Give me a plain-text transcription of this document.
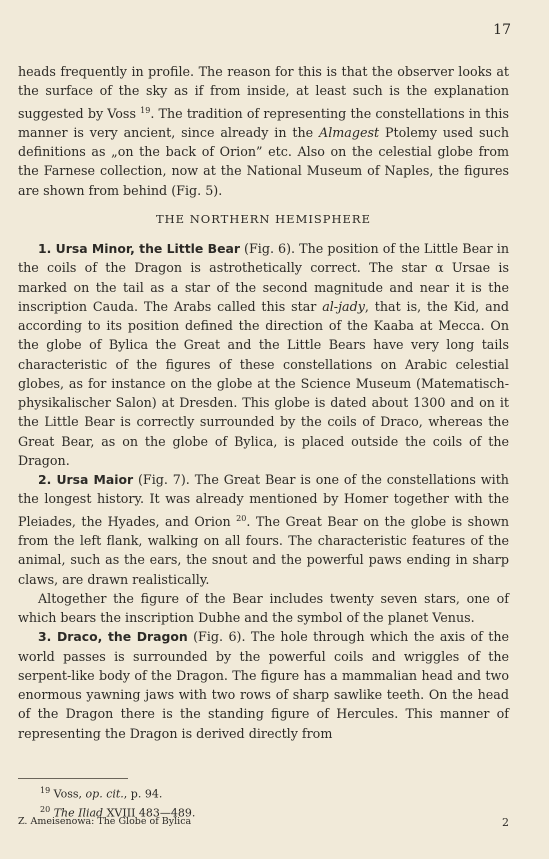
17

heads frequently in profile. The reason for this is that the observer looks at the surface of the sky as if from inside, at least such is the explanation suggested by Voss $^{19}$. The tradition of representing the constellations in this manner is very ancient, since already in the Almagest Ptolemy used such definitions as „on the back of Orion” etc. Also on the celestial globe from the Farnese collection, now at the National Museum of Naples, the figures are shown from behind (Fig. 5).

THE NORTHERN HEMISPHERE

1. Ursa Minor, the Little Bear (Fig. 6). The position of the Little Bear in the coils of the Dragon is astrothetically correct. The star α Ursae is marked on the tail as a star of the second magnitude and near it is the inscription Cauda. The Arabs called this star al-jady, that is, the Kid, and according to its position defined the direction of the Kaaba at Mecca. On the globe of Bylica the Great and the Little Bears have very long tails characteristic of the figures of these constellations on Arabic celestial globes, as for instance on the globe at the Science Museum (Matematisch-physikalischer Salon) at Dresden. This globe is dated about 1300 and on it the Little Bear is correctly surrounded by the coils of Draco, whereas the Great Bear, as on the globe of Bylica, is placed outside the coils of the Dragon.

2. Ursa Maior (Fig. 7). The Great Bear is one of the constellations with the longest history. It was already mentioned by Homer together with the Pleiades, the Hyades, and Orion $^{20}$. The Great Bear on the globe is shown from the left flank, walking on all fours. The characteristic features of the animal, such as the ears, the snout and the powerful paws ending in sharp claws, are drawn realistically.

Altogether the figure of the Bear includes twenty seven stars, one of which bears the inscription Dubhe and the symbol of the planet Venus.

3. Draco, the Dragon (Fig. 6). The hole through which the axis of the world passes is surrounded by the powerful coils and wriggles of the serpent-like body of the Dragon. The figure has a mammalian head and two enormous yawning jaws with two rows of sharp sawlike teeth. On the head of the Dragon there is the standing figure of Hercules. This manner of representing the Dragon is derived directly from

$^{19}$ Voss, op. cit., p. 94.
$^{20}$ The Iliad XVIII 483—489.
Z. Ameisenowa: The Globe of Bylica	2
